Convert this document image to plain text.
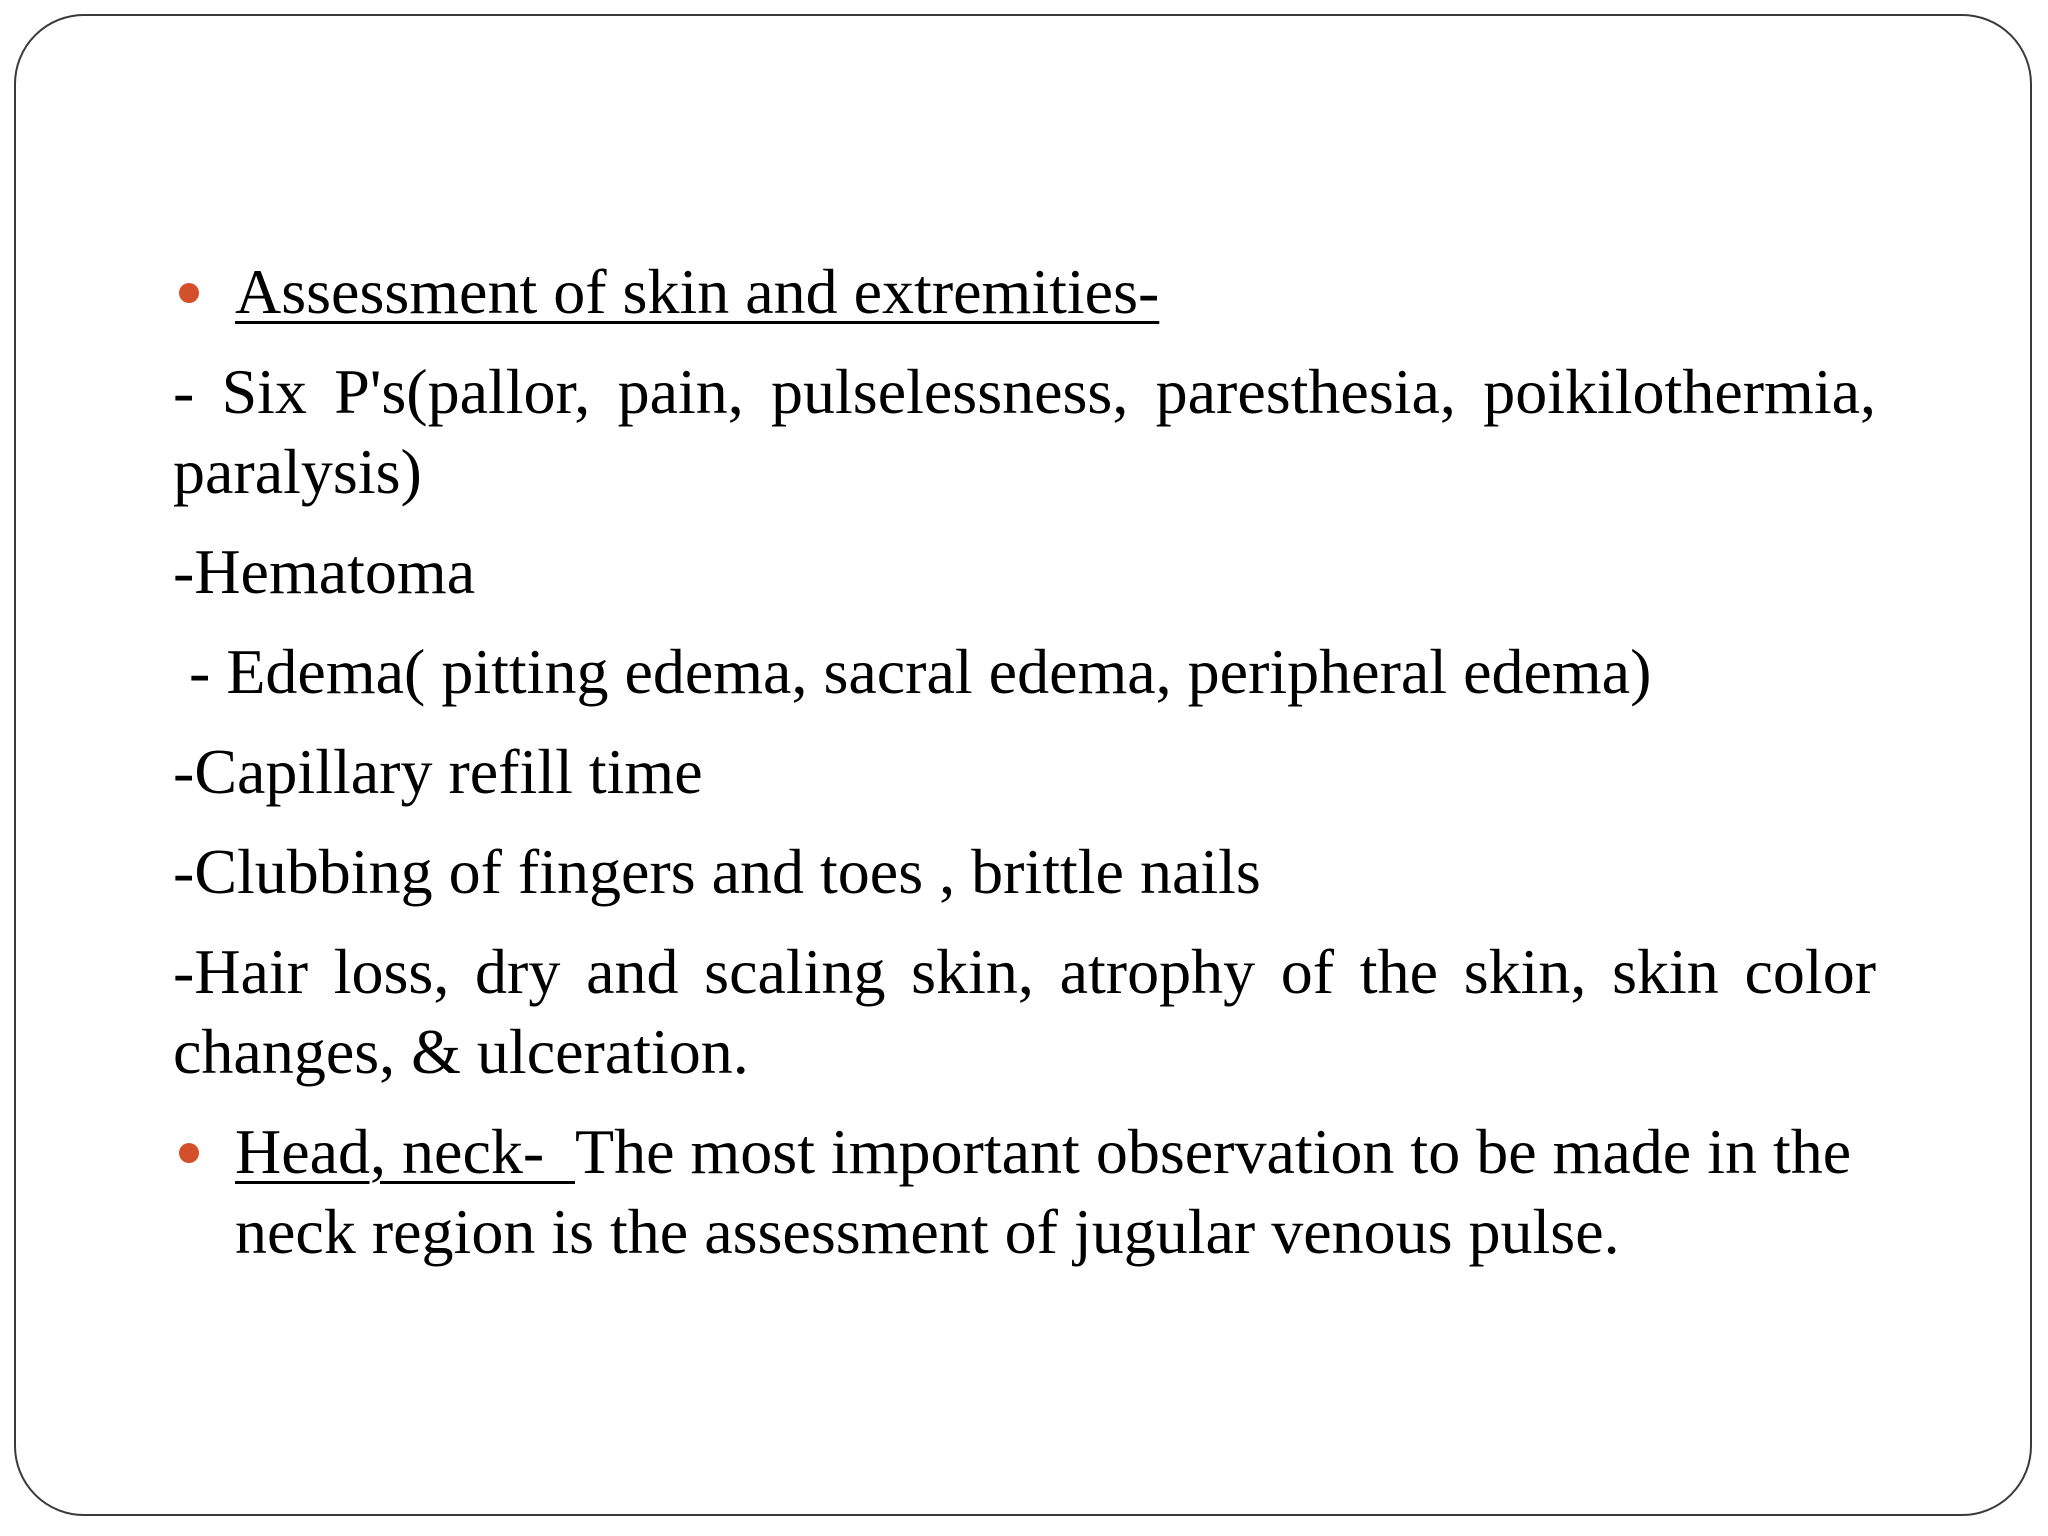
Assessment of skin and extremities-
- Six P's(pallor, pain, pulselessness, paresthesia, poikilothermia, paralysis)
-Hematoma
- Edema( pitting edema, sacral edema, peripheral edema)
-Capillary refill time
-Clubbing of fingers and toes , brittle nails
-Hair loss, dry and scaling skin, atrophy of the skin, skin color changes, & ulceration.
Head, neck-  The most important observation to be made in the neck region is the assessment of jugular venous pulse.
